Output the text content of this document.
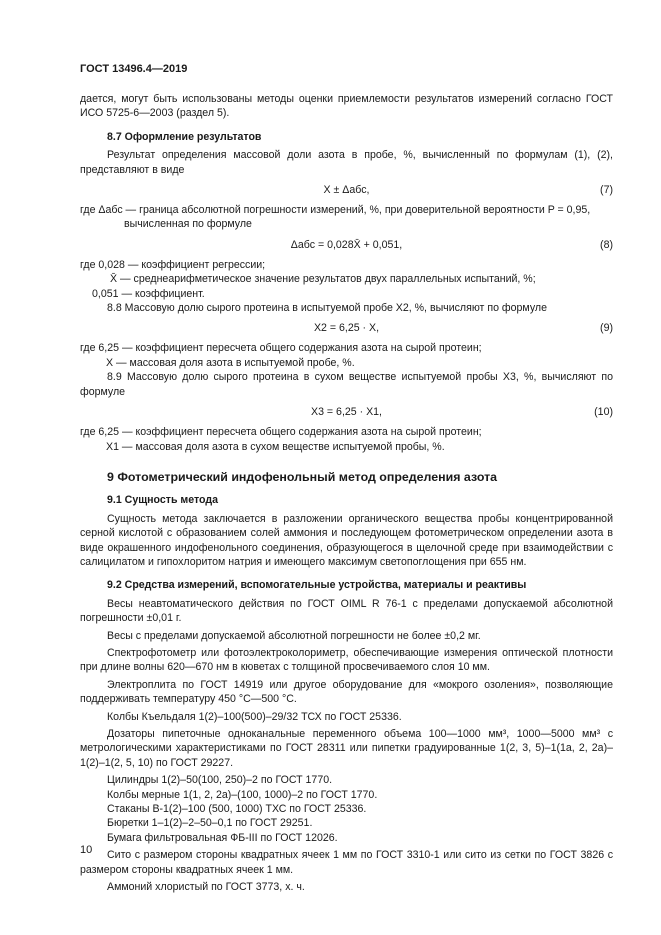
ГОСТ 13496.4—2019

дается, могут быть использованы методы оценки приемлемости результатов измерений согласно ГОСТ ИСО 5725-6—2003 (раздел 5).

8.7 Оформление результатов

Результат определения массовой доли азота в пробе, %, вычисленный по формулам (1), (2), представляют в виде

X ± Δабс,	(7)

где Δабс — граница абсолютной погрешности измерений, %, при доверительной вероятности P = 0,95,

вычисленная по формуле

Δабс = 0,028X̄ + 0,051,	(8)

где 0,028 — коэффициент регрессии;

X̄ — среднеарифметическое значение результатов двух параллельных испытаний, %;

0,051 — коэффициент.

8.8 Массовую долю сырого протеина в испытуемой пробе X2, %, вычисляют по формуле

X2 = 6,25 · X,	(9)

где 6,25 — коэффициент пересчета общего содержания азота на сырой протеин;

X — массовая доля азота в испытуемой пробе, %.

8.9 Массовую долю сырого протеина в сухом веществе испытуемой пробы X3, %, вычисляют по формуле

X3 = 6,25 · X1,	(10)

где 6,25 — коэффициент пересчета общего содержания азота на сырой протеин;

X1 — массовая доля азота в сухом веществе испытуемой пробы, %.

9 Фотометрический индофенольный метод определения азота
9.1 Сущность метода

Сущность метода заключается в разложении органического вещества пробы концентрированной серной кислотой с образованием солей аммония и последующем фотометрическом определении азота в виде окрашенного индофенольного соединения, образующегося в щелочной среде при взаимодействии с салицилатом и гипохлоритом натрия и имеющего максимум светопоглощения при 655 нм.

9.2 Средства измерений, вспомогательные устройства, материалы и реактивы

Весы неавтоматического действия по ГОСТ OIML R 76-1 с пределами допускаемой абсолютной погрешности ±0,01 г.

Весы с пределами допускаемой абсолютной погрешности не более ±0,2 мг.

Спектрофотометр или фотоэлектроколориметр, обеспечивающие измерения оптической плотности при длине волны 620—670 нм в кюветах с толщиной просвечиваемого слоя 10 мм.

Электроплита по ГОСТ 14919 или другое оборудование для «мокрого озоления», позволяющие поддерживать температуру 450 °С—500 °С.

Колбы Къельдаля 1(2)–100(500)–29/32 ТСХ по ГОСТ 25336.

Дозаторы пипеточные одноканальные переменного объема 100—1000 мм³, 1000—5000 мм³ с метрологическими характеристиками по ГОСТ 28311 или пипетки градуированные 1(2, 3, 5)–1(1а, 2, 2а)–1(2)–1(2, 5, 10) по ГОСТ 29227.

Цилиндры 1(2)–50(100, 250)–2 по ГОСТ 1770.

Колбы мерные 1(1, 2, 2а)–(100, 1000)–2 по ГОСТ 1770.

Стаканы В-1(2)–100 (500, 1000) ТХС по ГОСТ 25336.

Бюретки 1–1(2)–2–50–0,1 по ГОСТ 29251.

Бумага фильтровальная ФБ-III по ГОСТ 12026.

Сито с размером стороны квадратных ячеек 1 мм по ГОСТ 3310-1 или сито из сетки по ГОСТ 3826 с размером стороны квадратных ячеек 1 мм.

Аммоний хлористый по ГОСТ 3773, х. ч.

10
